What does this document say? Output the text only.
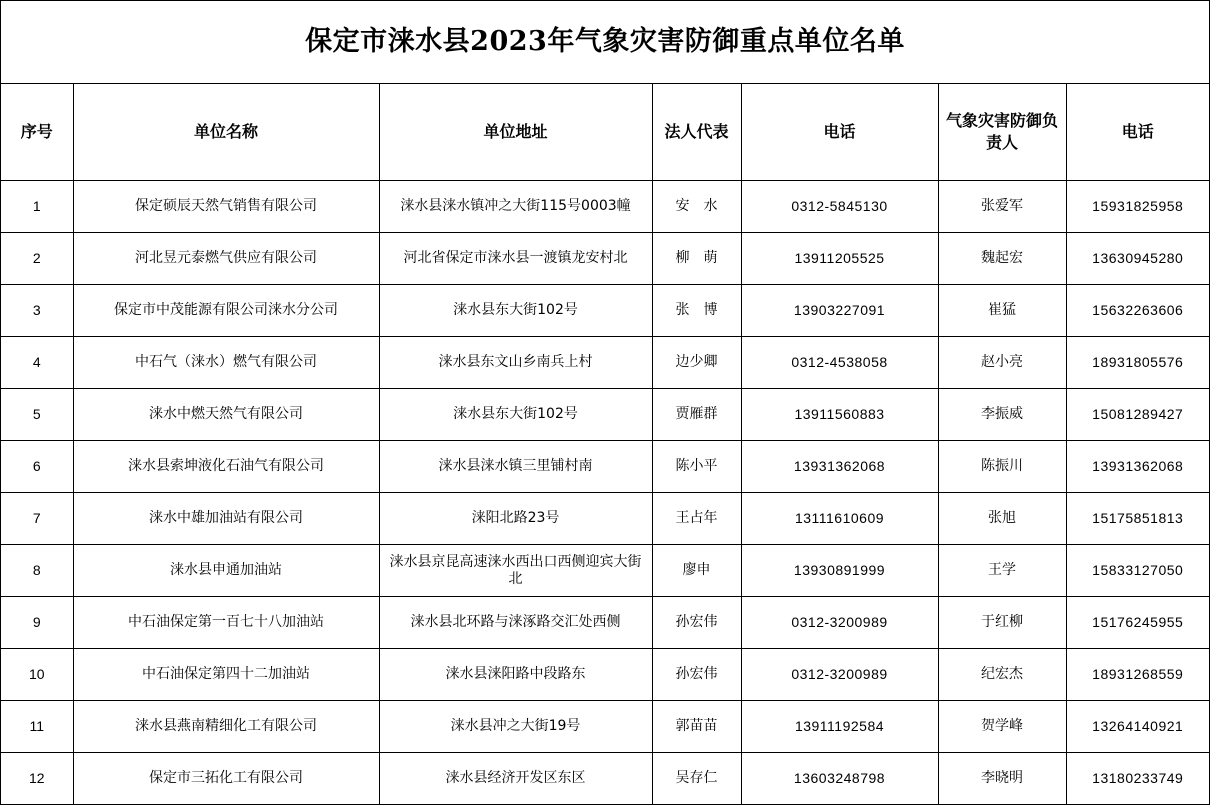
保定市涞水县2023年气象灾害防御重点单位名单
序号	单位名称	单位地址	法人代表	电话	气象灾害防御负责人	电话
1	保定硕辰天然气销售有限公司	涞水县涞水镇冲之大街115号0003幢	安　水	0312-5845130	张爱军	15931825958
2	河北昱元泰燃气供应有限公司	河北省保定市涞水县一渡镇龙安村北	柳　萌	13911205525	魏起宏	13630945280
3	保定市中茂能源有限公司涞水分公司	涞水县东大街102号	张　博	13903227091	崔猛	15632263606
4	中石气（涞水）燃气有限公司	涞水县东文山乡南兵上村	边少卿	0312-4538058	赵小亮	18931805576
5	涞水中燃天然气有限公司	涞水县东大街102号	贾雁群	13911560883	李振威	15081289427
6	涞水县索坤液化石油气有限公司	涞水县涞水镇三里铺村南	陈小平	13931362068	陈振川	13931362068
7	涞水中雄加油站有限公司	涞阳北路23号	王占年	13111610609	张旭	15175851813
8	涞水县申通加油站	涞水县京昆高速涞水西出口西侧迎宾大街北	廖申	13930891999	王学	15833127050
9	中石油保定第一百七十八加油站	涞水县北环路与涞涿路交汇处西侧	孙宏伟	0312-3200989	于红柳	15176245955
10	中石油保定第四十二加油站	涞水县涞阳路中段路东	孙宏伟	0312-3200989	纪宏杰	18931268559
11	涞水县燕南精细化工有限公司	涞水县冲之大街19号	郭苗苗	13911192584	贺学峰	13264140921
12	保定市三拓化工有限公司	涞水县经济开发区东区	吴存仁	13603248798	李晓明	13180233749
